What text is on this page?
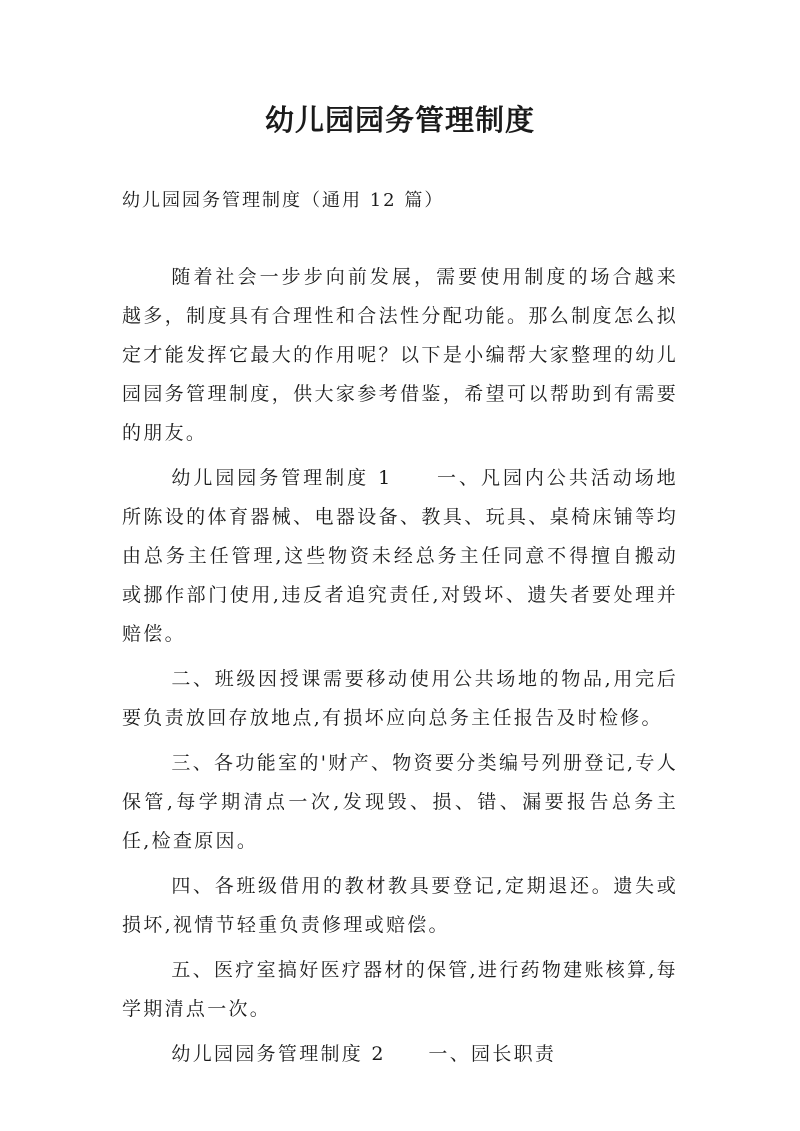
幼儿园园务管理制度

幼儿园园务管理制度（通用 12 篇）

随着社会一步步向前发展，需要使用制度的场合越来越多，制度具有合理性和合法性分配功能。那么制度怎么拟定才能发挥它最大的作用呢？以下是小编帮大家整理的幼儿园园务管理制度，供大家参考借鉴，希望可以帮助到有需要的朋友。

幼儿园园务管理制度 1　　一、凡园内公共活动场地所陈设的体育器械、电器设备、教具、玩具、桌椅床铺等均由总务主任管理,这些物资未经总务主任同意不得擅自搬动或挪作部门使用,违反者追究责任,对毁坏、遗失者要处理并赔偿。

二、班级因授课需要移动使用公共场地的物品,用完后要负责放回存放地点,有损坏应向总务主任报告及时检修。

三、各功能室的'财产、物资要分类编号列册登记,专人保管,每学期清点一次,发现毁、损、错、漏要报告总务主任,检查原因。

四、各班级借用的教材教具要登记,定期退还。遗失或损坏,视情节轻重负责修理或赔偿。

五、医疗室搞好医疗器材的保管,进行药物建账核算,每学期清点一次。

幼儿园园务管理制度 2　　一、园长职责
